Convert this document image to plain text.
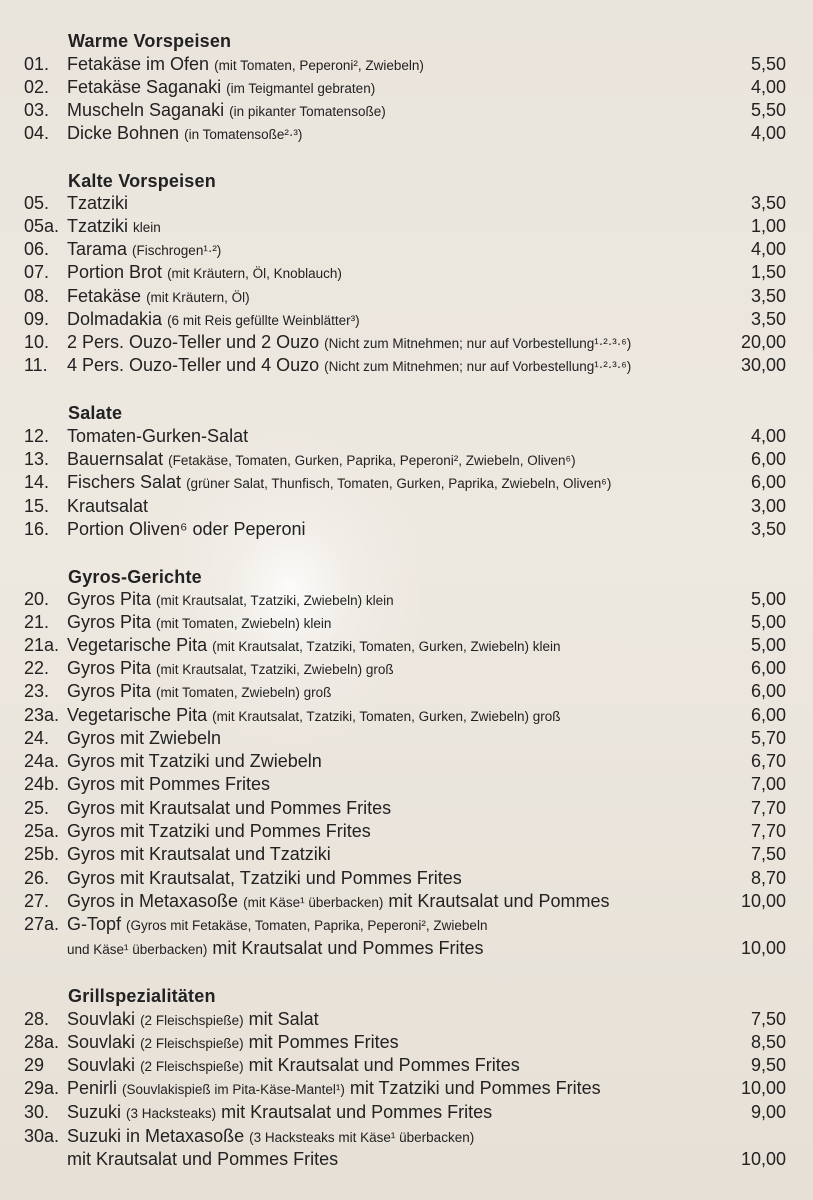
Warme Vorspeisen
01. Fetakäse im Ofen (mit Tomaten, Peperoni², Zwiebeln)	5,50
02. Fetakäse Saganaki (im Teigmantel gebraten)	4,00
03. Muscheln Saganaki (in pikanter Tomatensoße)	5,50
04. Dicke Bohnen (in Tomatensoße²·³)	4,00
Kalte Vorspeisen
05. Tzatziki	3,50
05a. Tzatziki klein	1,00
06. Tarama (Fischrogen¹·²)	4,00
07. Portion Brot (mit Kräutern, Öl, Knoblauch)	1,50
08. Fetakäse (mit Kräutern, Öl)	3,50
09. Dolmadakia (6 mit Reis gefüllte Weinblätter³)	3,50
10. 2 Pers. Ouzo-Teller und 2 Ouzo (Nicht zum Mitnehmen; nur auf Vorbestellung¹·²·³·⁶)	20,00
11.	4 Pers. Ouzo-Teller und 4 Ouzo (Nicht zum Mitnehmen; nur auf Vorbestellung¹·²·³·⁶)	30,00
Salate
12. Tomaten-Gurken-Salat	4,00
13. Bauernsalat (Fetakäse, Tomaten, Gurken, Paprika, Peperoni², Zwiebeln, Oliven⁶)	6,00
14. Fischers Salat (grüner Salat, Thunfisch, Tomaten, Gurken, Paprika, Zwiebeln, Oliven⁶)	6,00
15. Krautsalat	3,00
16. Portion Oliven⁶ oder Peperoni	3,50
Gyros-Gerichte
20. Gyros Pita (mit Krautsalat, Tzatziki, Zwiebeln) klein	5,00
21. Gyros Pita (mit Tomaten, Zwiebeln) klein	5,00
21a. Vegetarische Pita (mit Krautsalat, Tzatziki, Tomaten, Gurken, Zwiebeln) klein	5,00
22. Gyros Pita (mit Krautsalat, Tzatziki, Zwiebeln) groß	6,00
23. Gyros Pita (mit Tomaten, Zwiebeln) groß	6,00
23a. Vegetarische Pita (mit Krautsalat, Tzatziki, Tomaten, Gurken, Zwiebeln) groß	6,00
24. Gyros mit Zwiebeln	5,70
24a. Gyros mit Tzatziki und Zwiebeln	6,70
24b. Gyros mit Pommes Frites	7,00
25. Gyros mit Krautsalat und Pommes Frites	7,70
25a. Gyros mit Tzatziki und Pommes Frites	7,70
25b. Gyros mit Krautsalat und Tzatziki	7,50
26. Gyros mit Krautsalat, Tzatziki und Pommes Frites	8,70
27. Gyros in Metaxasoße (mit Käse¹ überbacken) mit Krautsalat und Pommes	10,00
27a. G-Topf (Gyros mit Fetakäse, Tomaten, Paprika, Peperoni², Zwiebeln
und Käse¹ überbacken) mit Krautsalat und Pommes Frites	10,00
Grillspezialitäten
28. Souvlaki (2 Fleischspieße) mit Salat	7,50
28a. Souvlaki (2 Fleischspieße) mit Pommes Frites	8,50
29	Souvlaki (2 Fleischspieße) mit Krautsalat und Pommes Frites	9,50
29a. Penirli (Souvlakispieß im Pita-Käse-Mantel¹) mit Tzatziki und Pommes Frites	10,00
30. Suzuki (3 Hacksteaks) mit Krautsalat und Pommes Frites	9,00
30a. Suzuki in Metaxasoße (3 Hacksteaks mit Käse¹ überbacken)
mit Krautsalat und Pommes Frites	10,00
